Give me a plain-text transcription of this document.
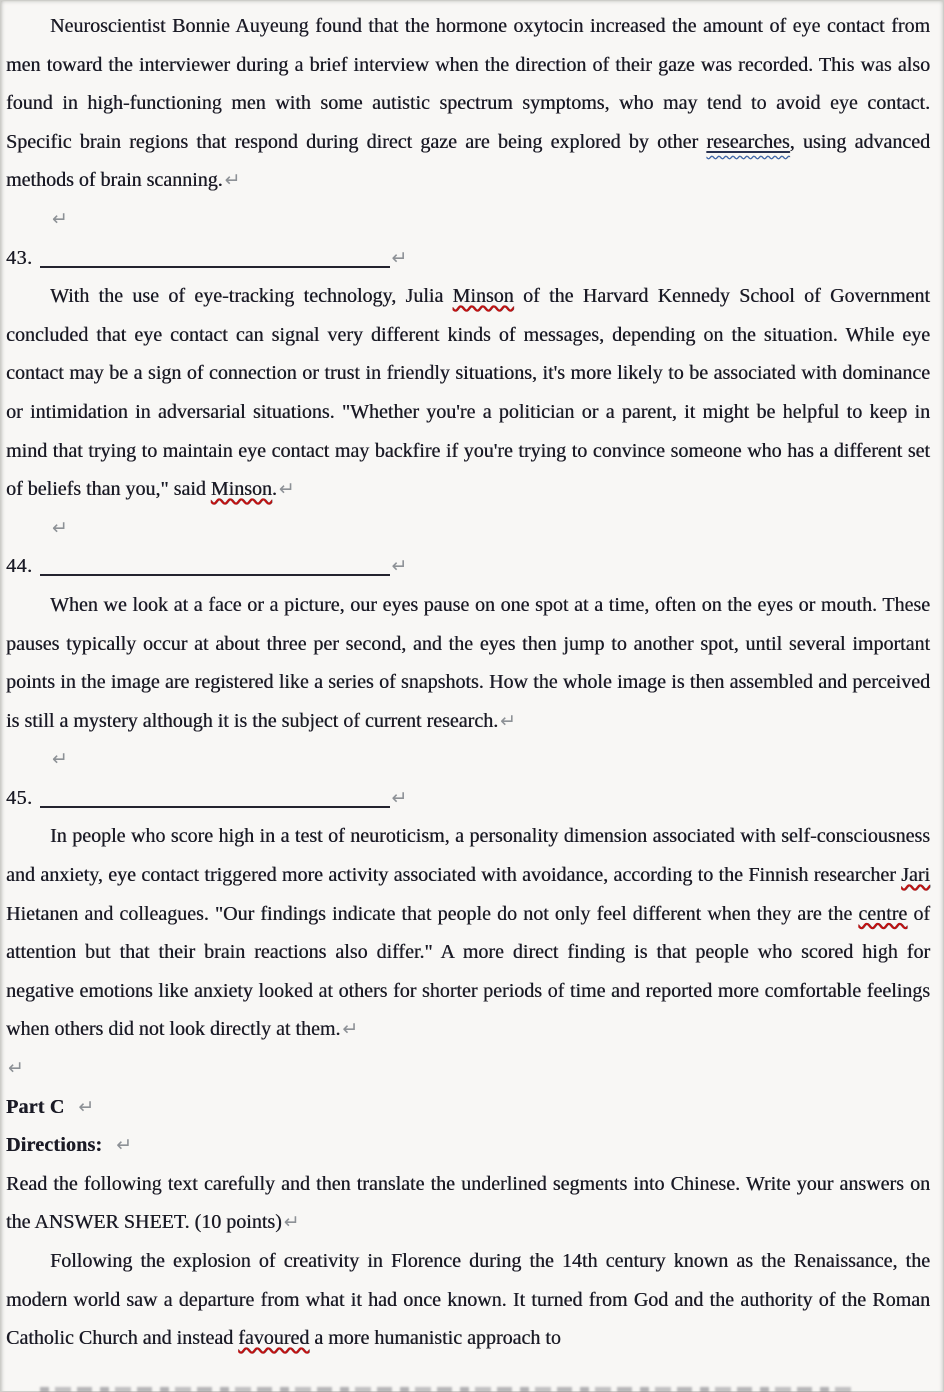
Neuroscientist Bonnie Auyeung found that the hormone oxytocin increased the amount of eye contact from men toward the interviewer during a brief interview when the direction of their gaze was recorded. This was also found in high-functioning men with some autistic spectrum symptoms, who may tend to avoid eye contact. Specific brain regions that respond during direct gaze are being explored by other researches, using advanced methods of brain scanning. ↵
↵
43.	↵
With the use of eye-tracking technology, Julia Minson of the Harvard Kennedy School of Government concluded that eye contact can signal very different kinds of messages, depending on the situation. While eye contact may be a sign of connection or trust in friendly situations, it's more likely to be associated with dominance or intimidation in adversarial situations. "Whether you're a politician or a parent, it might be helpful to keep in mind that trying to maintain eye contact may backfire if you're trying to convince someone who has a different set of beliefs than you," said Minson. ↵
↵
44.	↵
When we look at a face or a picture, our eyes pause on one spot at a time, often on the eyes or mouth. These pauses typically occur at about three per second, and the eyes then jump to another spot, until several important points in the image are registered like a series of snapshots. How the whole image is then assembled and perceived is still a mystery although it is the subject of current research. ↵
↵
45.	↵
In people who score high in a test of neuroticism, a personality dimension associated with self-consciousness and anxiety, eye contact triggered more activity associated with avoidance, according to the Finnish researcher Jari Hietanen and colleagues. "Our findings indicate that people do not only feel different when they are the centre of attention but that their brain reactions also differ." A more direct finding is that people who scored high for negative emotions like anxiety looked at others for shorter periods of time and reported more comfortable feelings when others did not look directly at them. ↵
↵
Part C ↵
Directions: ↵
Read the following text carefully and then translate the underlined segments into Chinese. Write your answers on the ANSWER SHEET. (10 points) ↵
Following the explosion of creativity in Florence during the 14th century known as the Renaissance, the modern world saw a departure from what it had once known. It turned from God and the authority of the Roman Catholic Church and instead favoured a more humanistic approach to
